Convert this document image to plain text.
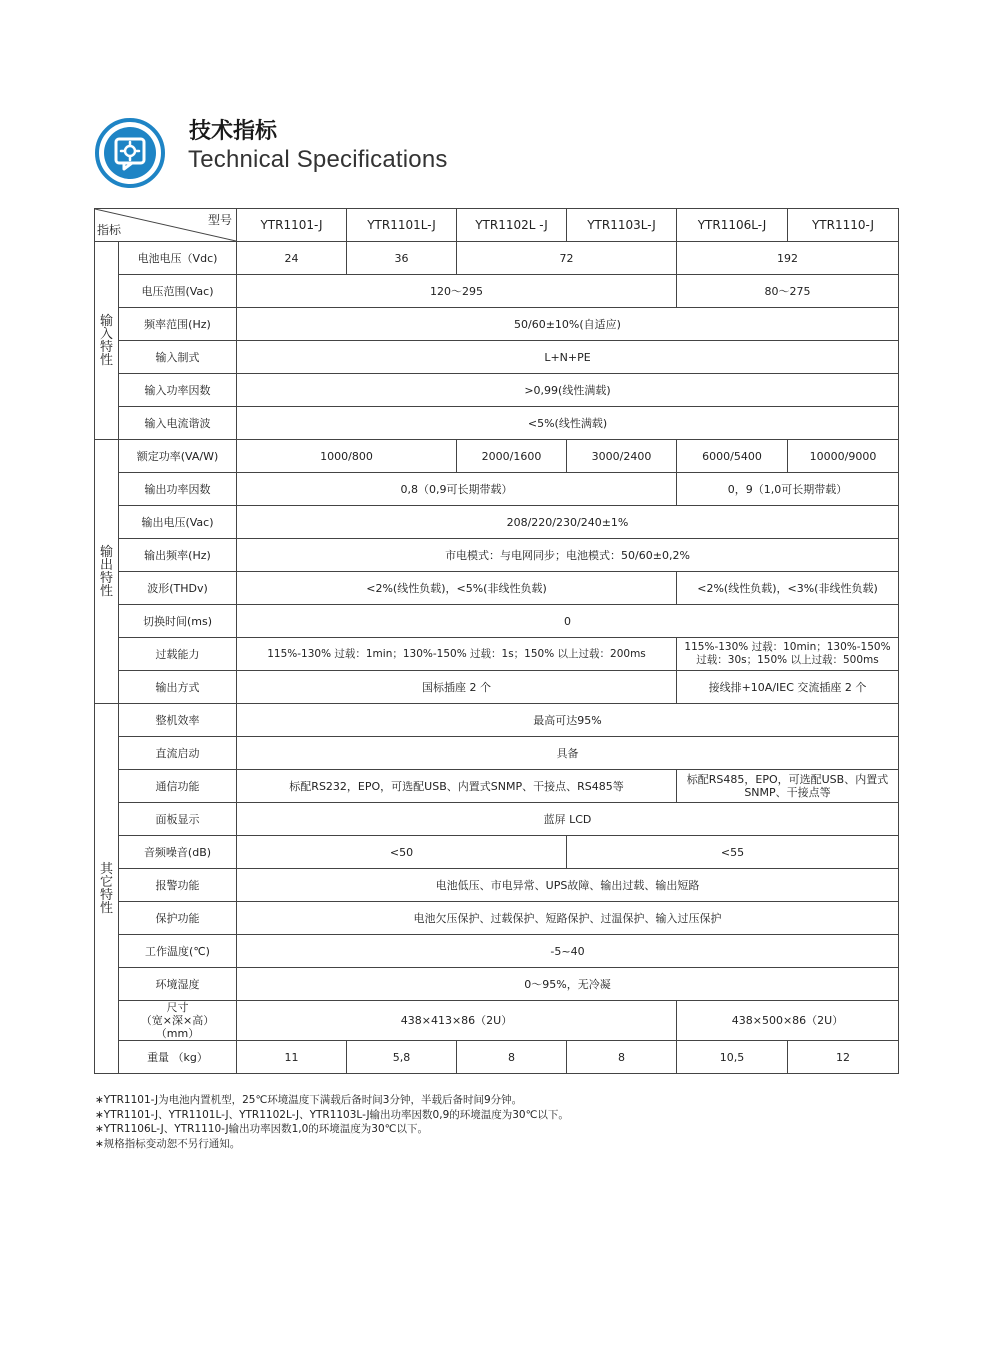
技术指标
Technical Specifications
型号
指标		YTR1101-J	YTR1101L-J	YTR1102L -J	YTR1103L-J	YTR1106L-J	YTR1110-J
输
入
特
性	电池电压（Vdc)	24	36	72		192	
	电压范围(Vac)	120～295				80～275	
	频率范围(Hz)	50/60±10%(自适应)					
	输入制式	L+N+PE					
	输入功率因数	>0,99(线性满载)					
	输入电流谐波	<5%(线性满载)					
输
出
特
性	额定功率(VA/W)	1000/800		2000/1600	3000/2400	6000/5400	10000/9000
	输出功率因数	0,8（0,9可长期带载）				0，9（1,0可长期带载）	
	输出电压(Vac)	208/220/230/240±1%					
	输出频率(Hz)	市电模式：与电网同步；电池模式：50/60±0,2%					
	波形(THDv)	<2%(线性负载)，<5%(非线性负载)				<2%(线性负载)，<3%(非线性负载)	
	切换时间(ms)	0					
	过载能力	115%-130% 过载：1min；130%-150% 过载：1s；150% 以上过载：200ms				115%-130% 过载：10min；130%-150% 过载：30s；150% 以上过载：500ms	
	输出方式	国标插座 2 个				接线排+10A/IEC 交流插座 2 个	
其
它
特
性	整机效率	最高可达95%					
	直流启动	具备					
	通信功能	标配RS232，EPO，可选配USB、内置式SNMP、干接点、RS485等				标配RS485，EPO，可选配USB、内置式SNMP、干接点等	
	面板显示	蓝屏 LCD					
	音频噪音(dB)	<50			<55		
	报警功能	电池低压、市电异常、UPS故障、输出过载、输出短路					
	保护功能	电池欠压保护、过载保护、短路保护、过温保护、输入过压保护					
	工作温度(℃)	-5~40					
	环境湿度	0～95%，无冷凝					
	尺寸
（宽×深×高）
（mm）	438×413×86（2U）				438×500×86（2U）	
	重量 （kg）	11	5,8	8	8	10,5	12
∗YTR1101-J为电池内置机型，25℃环境温度下满载后备时间3分钟，半载后备时间9分钟。
∗YTR1101-J、YTR1101L-J、YTR1102L-J、YTR1103L-J输出功率因数0,9的环境温度为30℃以下。
∗YTR1106L-J、YTR1110-J输出功率因数1,0的环境温度为30℃以下。
∗规格指标变动恕不另行通知。
